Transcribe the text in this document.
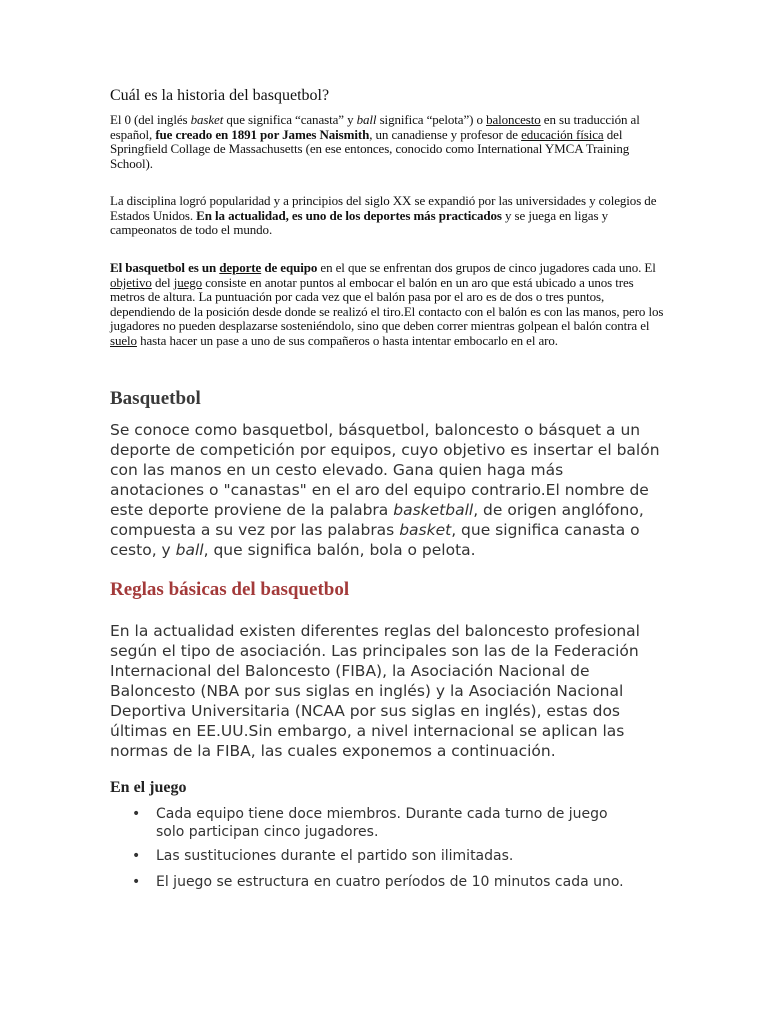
Cuál es la historia del basquetbol?

El 0 (del inglés basket que significa “canasta” y ball significa “pelota”) o baloncesto en su traducción al español, fue creado en 1891 por James Naismith, un canadiense y profesor de educación física del Springfield Collage de Massachusetts (en ese entonces, conocido como International YMCA Training School).

La disciplina logró popularidad y a principios del siglo XX se expandió por las universidades y colegios de Estados Unidos. En la actualidad, es uno de los deportes más practicados y se juega en ligas y campeonatos de todo el mundo.

El basquetbol es un deporte de equipo en el que se enfrentan dos grupos de cinco jugadores cada uno. El objetivo del juego consiste en anotar puntos al embocar el balón en un aro que está ubicado a unos tres metros de altura. La puntuación por cada vez que el balón pasa por el aro es de dos o tres puntos, dependiendo de la posición desde donde se realizó el tiro.El contacto con el balón es con las manos, pero los jugadores no pueden desplazarse sosteniéndolo, sino que deben correr mientras golpean el balón contra el suelo hasta hacer un pase a uno de sus compañeros o hasta intentar embocarlo en el aro.

Basquetbol

Se conoce como basquetbol, básquetbol, baloncesto o básquet a un deporte de competición por equipos, cuyo objetivo es insertar el balón con las manos en un cesto elevado. Gana quien haga más anotaciones o "canastas" en el aro del equipo contrario.El nombre de este deporte proviene de la palabra basketball, de origen anglófono, compuesta a su vez por las palabras basket, que significa canasta o cesto, y ball, que significa balón, bola o pelota.

Reglas básicas del basquetbol

En la actualidad existen diferentes reglas del baloncesto profesional según el tipo de asociación. Las principales son las de la Federación Internacional del Baloncesto (FIBA), la Asociación Nacional de Baloncesto (NBA por sus siglas en inglés) y la Asociación Nacional Deportiva Universitaria (NCAA por sus siglas en inglés), estas dos últimas en EE.UU.Sin embargo, a nivel internacional se aplican las normas de la FIBA, las cuales exponemos a continuación.

En el juego
• Cada equipo tiene doce miembros. Durante cada turno de juego solo participan cinco jugadores.
• Las sustituciones durante el partido son ilimitadas.
• El juego se estructura en cuatro períodos de 10 minutos cada uno.
